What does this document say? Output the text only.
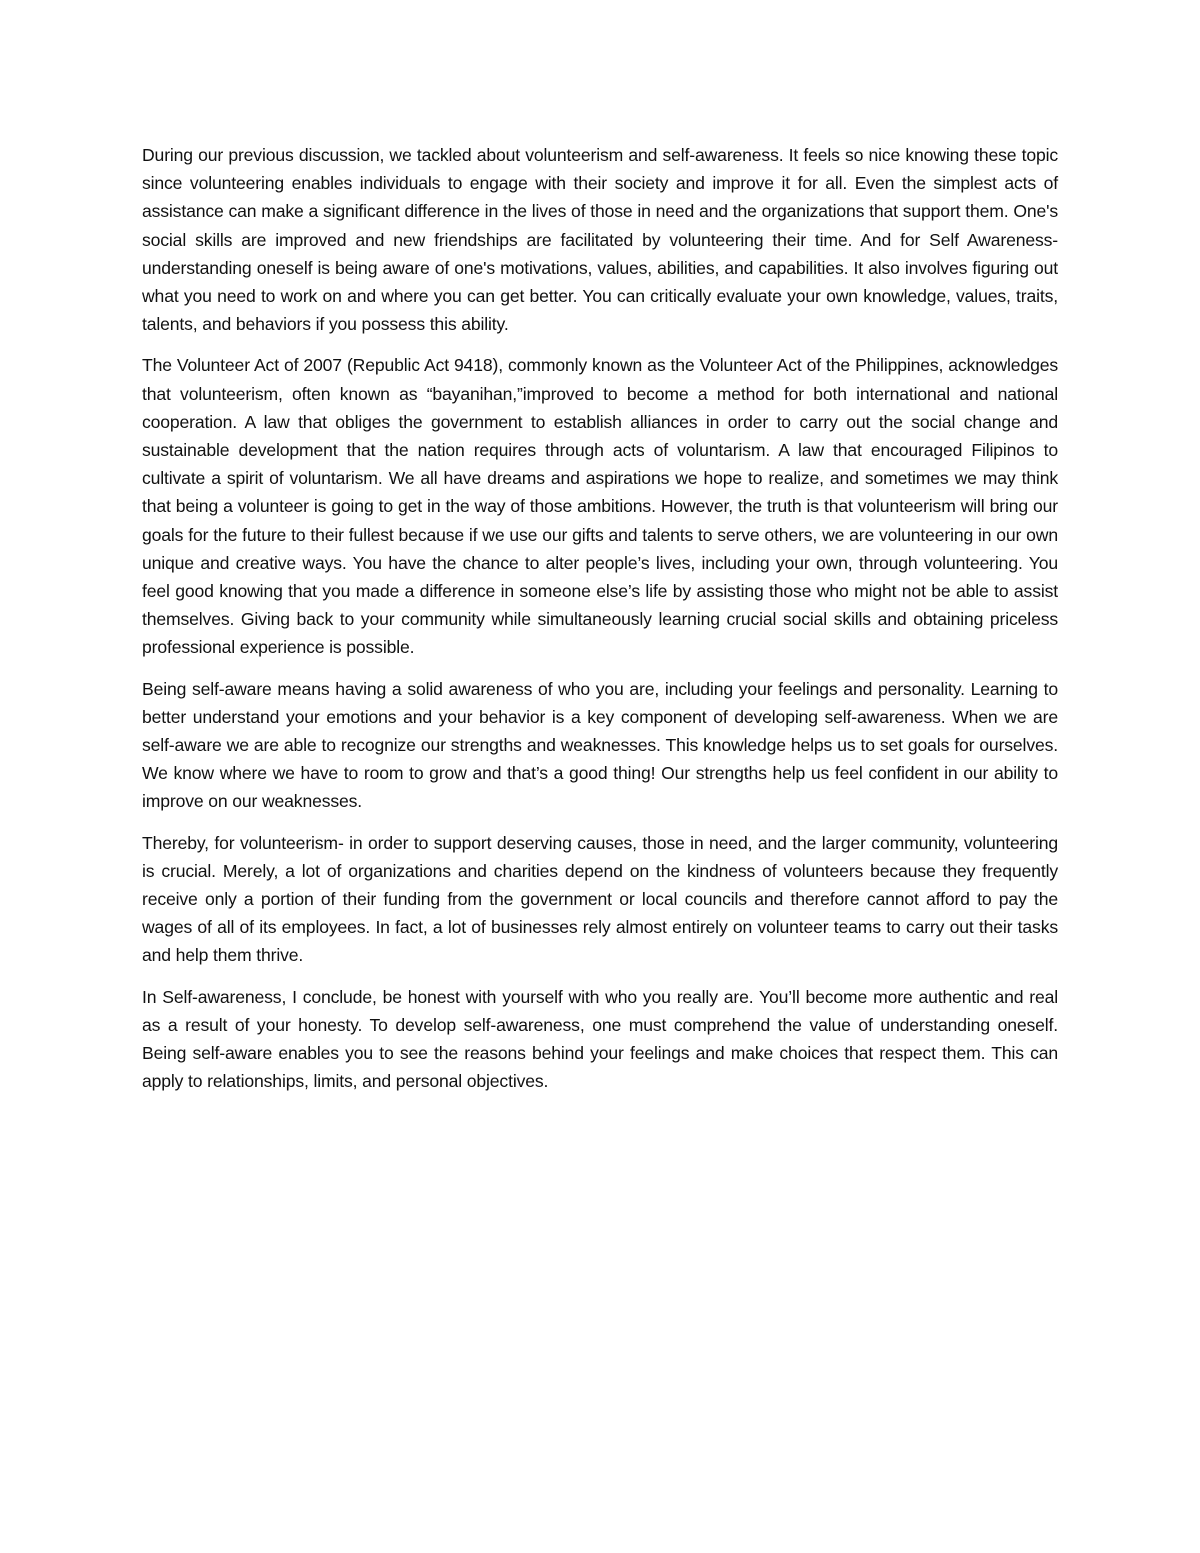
During our previous discussion, we tackled about volunteerism and self-awareness. It feels so nice knowing these topic since volunteering enables individuals to engage with their society and improve it for all. Even the simplest acts of assistance can make a significant difference in the lives of those in need and the organizations that support them. One's social skills are improved and new friendships are facilitated by volunteering their time. And for Self Awareness- understanding oneself is being aware of one's motivations, values, abilities, and capabilities. It also involves figuring out what you need to work on and where you can get better. You can critically evaluate your own knowledge, values, traits, talents, and behaviors if you possess this ability.

The Volunteer Act of 2007 (Republic Act 9418), commonly known as the Volunteer Act of the Philippines, acknowledges that volunteerism, often known as “bayanihan,”improved to become a method for both international and national cooperation. A law that obliges the government to establish alliances in order to carry out the social change and sustainable development that the nation requires through acts of voluntarism. A law that encouraged Filipinos to cultivate a spirit of voluntarism. We all have dreams and aspirations we hope to realize, and sometimes we may think that being a volunteer is going to get in the way of those ambitions. However, the truth is that volunteerism will bring our goals for the future to their fullest because if we use our gifts and talents to serve others, we are volunteering in our own unique and creative ways. You have the chance to alter people’s lives, including your own, through volunteering. You feel good knowing that you made a difference in someone else’s life by assisting those who might not be able to assist themselves. Giving back to your community while simultaneously learning crucial social skills and obtaining priceless professional experience is possible.

Being self-aware means having a solid awareness of who you are, including your feelings and personality. Learning to better understand your emotions and your behavior is a key component of developing self-awareness. When we are self-aware we are able to recognize our strengths and weaknesses. This knowledge helps us to set goals for ourselves. We know where we have to room to grow and that’s a good thing! Our strengths help us feel confident in our ability to improve on our weaknesses.

Thereby, for volunteerism- in order to support deserving causes, those in need, and the larger community, volunteering is crucial. Merely, a lot of organizations and charities depend on the kindness of volunteers because they frequently receive only a portion of their funding from the government or local councils and therefore cannot afford to pay the wages of all of its employees. In fact, a lot of businesses rely almost entirely on volunteer teams to carry out their tasks and help them thrive.

In Self-awareness, I conclude, be honest with yourself with who you really are. You’ll become more authentic and real as a result of your honesty. To develop self-awareness, one must comprehend the value of understanding oneself. Being self-aware enables you to see the reasons behind your feelings and make choices that respect them. This can apply to relationships, limits, and personal objectives.
